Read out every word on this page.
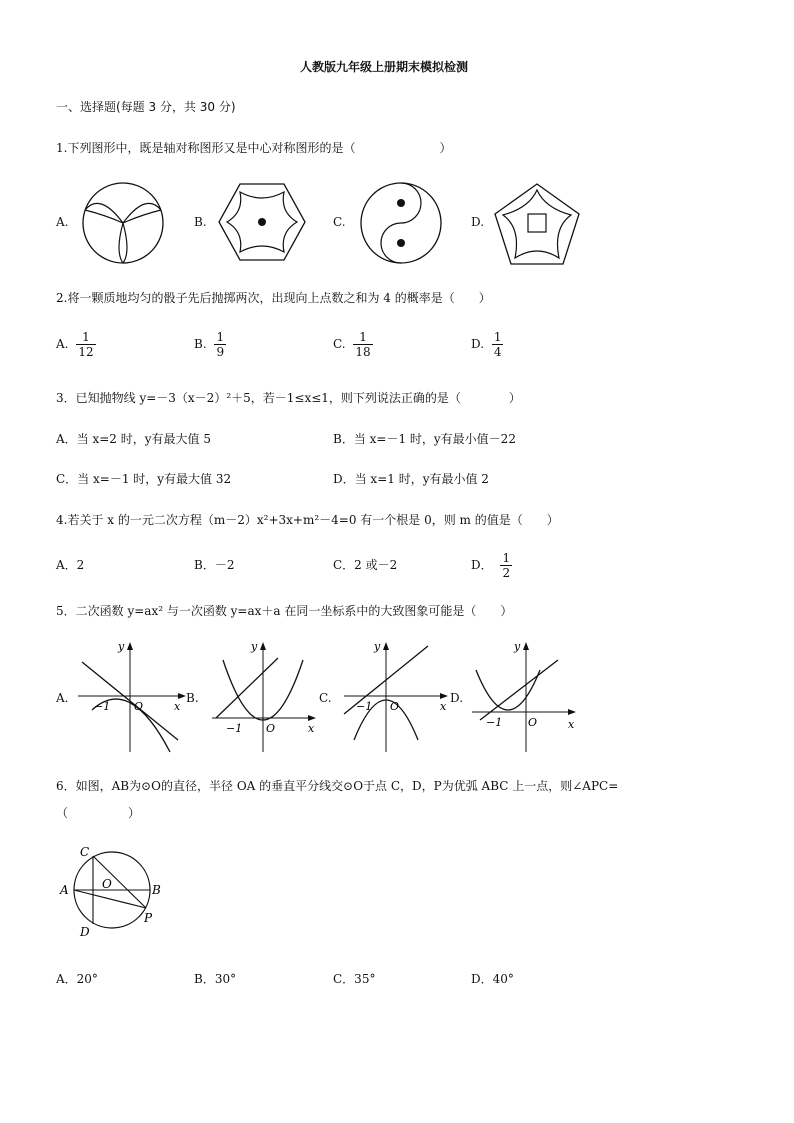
人教版九年级上册期末模拟检测
一、选择题(每题 3 分，共 30 分)
1.下列图形中，既是轴对称图形又是中心对称图形的是（　　　　　　　）
A.	B.	C.	D.
2.将一颗质地均匀的骰子先后抛掷两次，出现向上点数之和为 4 的概率是（　　）
A. $\frac{1}{12}$	B. $\frac{1}{9}$	C. $\frac{1}{18}$	D. $\frac{1}{4}$
3．已知抛物线 y=－3（x－2）²＋5，若－1≤x≤1，则下列说法正确的是（　　　　）
A．当 x=2 时，y有最大值 5	B．当 x=－1 时，y有最小值－22
C．当 x=－1 时，y有最大值 32	D．当 x=1 时，y有最小值 2
4.若关于 x 的一元二次方程（m－2）x²+3x+m²－4=0 有一个根是 0，则 m 的值是（　　）
A．2	B．－2	C．2 或－2	D． $\frac{1}{2}$
5．二次函数 y=ax² 与一次函数 y=ax＋a 在同一坐标系中的大致图象可能是（　　）
A.	B.	C.	D.
y
x
O
−1
y
x
O
−1
y
x
O
−1
y
x
O
−1
6．如图，AB为⊙O的直径，半径 OA 的垂直平分线交⊙O于点 C，D，P为优弧 ABC 上一点，则∠APC=
（　　　　　）
C
A	O	B
D
P
A．20°	B．30°	C．35°	D．40°
